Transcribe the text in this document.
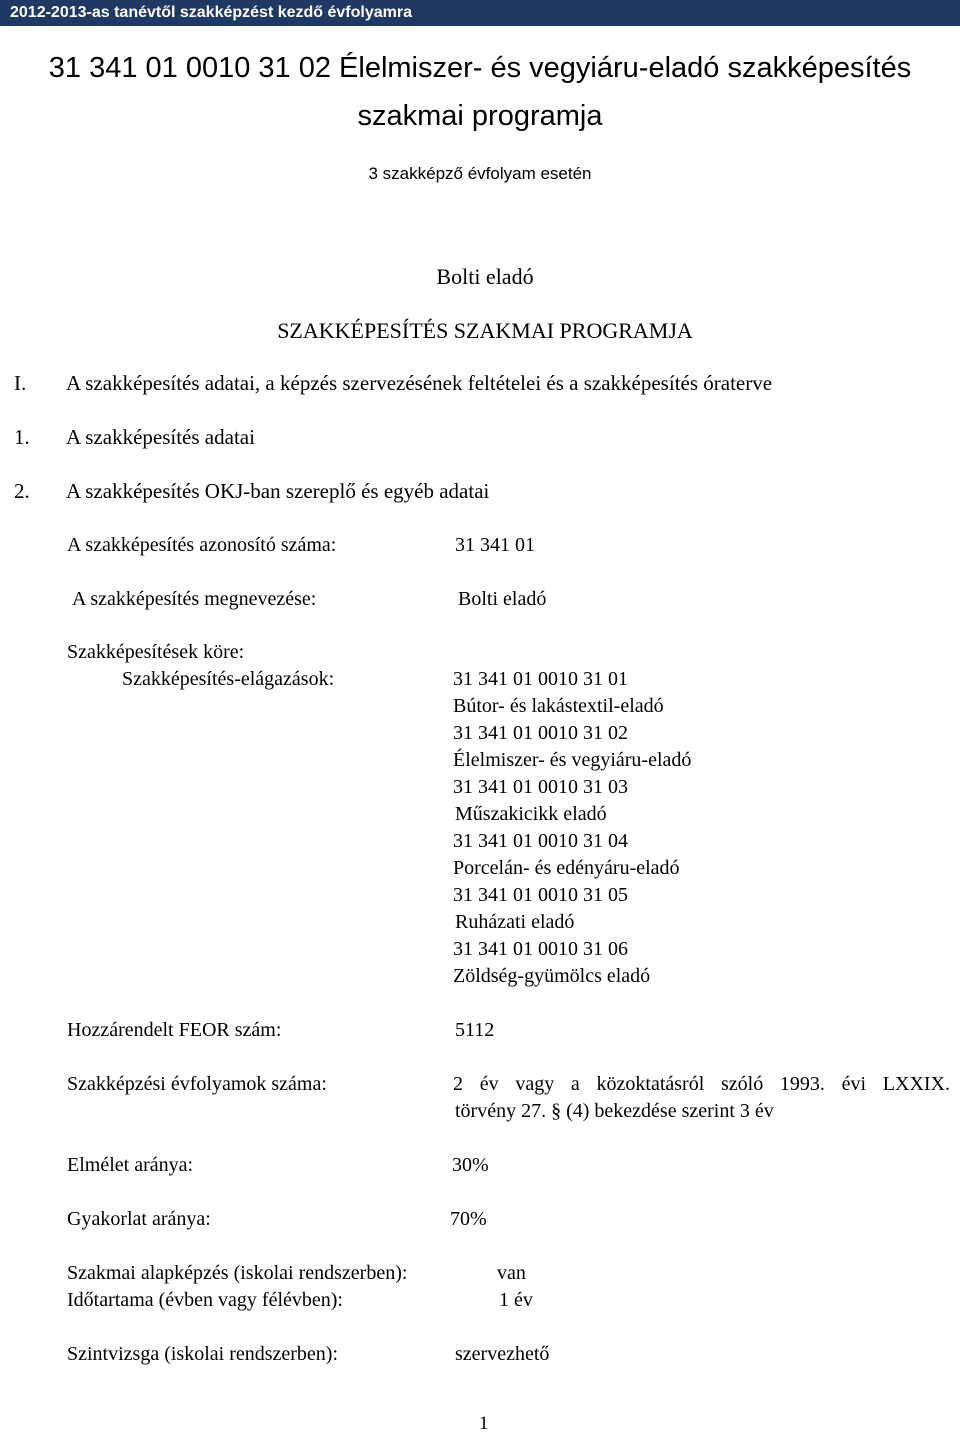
2012-2013-as tanévtől szakképzést kezdő évfolyamra
31 341 01 0010 31 02 Élelmiszer- és vegyiáru-eladó szakképesítés
szakmai programja
3 szakképző évfolyam esetén
Bolti eladó
SZAKKÉPESÍTÉS SZAKMAI PROGRAMJA
I. A szakképesítés adatai, a képzés szervezésének feltételei és a szakképesítés óraterve
1. A szakképesítés adatai
2. A szakképesítés OKJ-ban szereplő és egyéb adatai
A szakképesítés azonosító száma:	31 341 01
A szakképesítés megnevezése:	Bolti eladó
Szakképesítések köre:
Szakképesítés-elágazások:	31 341 01 0010 31 01
Bútor- és lakástextil-eladó
31 341 01 0010 31 02
Élelmiszer- és vegyiáru-eladó
31 341 01 0010 31 03
Műszakicikk eladó
31 341 01 0010 31 04
Porcelán- és edényáru-eladó
31 341 01 0010 31 05
Ruházati eladó
31 341 01 0010 31 06
Zöldség-gyümölcs eladó
Hozzárendelt FEOR szám:	5112
Szakképzési évfolyamok száma:	2 év vagy a közoktatásról szóló 1993. évi LXXIX.
törvény 27. § (4) bekezdése szerint 3 év
Elmélet aránya:	30%
Gyakorlat aránya:	70%
Szakmai alapképzés (iskolai rendszerben):	van
Időtartama (évben vagy félévben):	1 év
Szintvizsga (iskolai rendszerben):	szervezhető
1
